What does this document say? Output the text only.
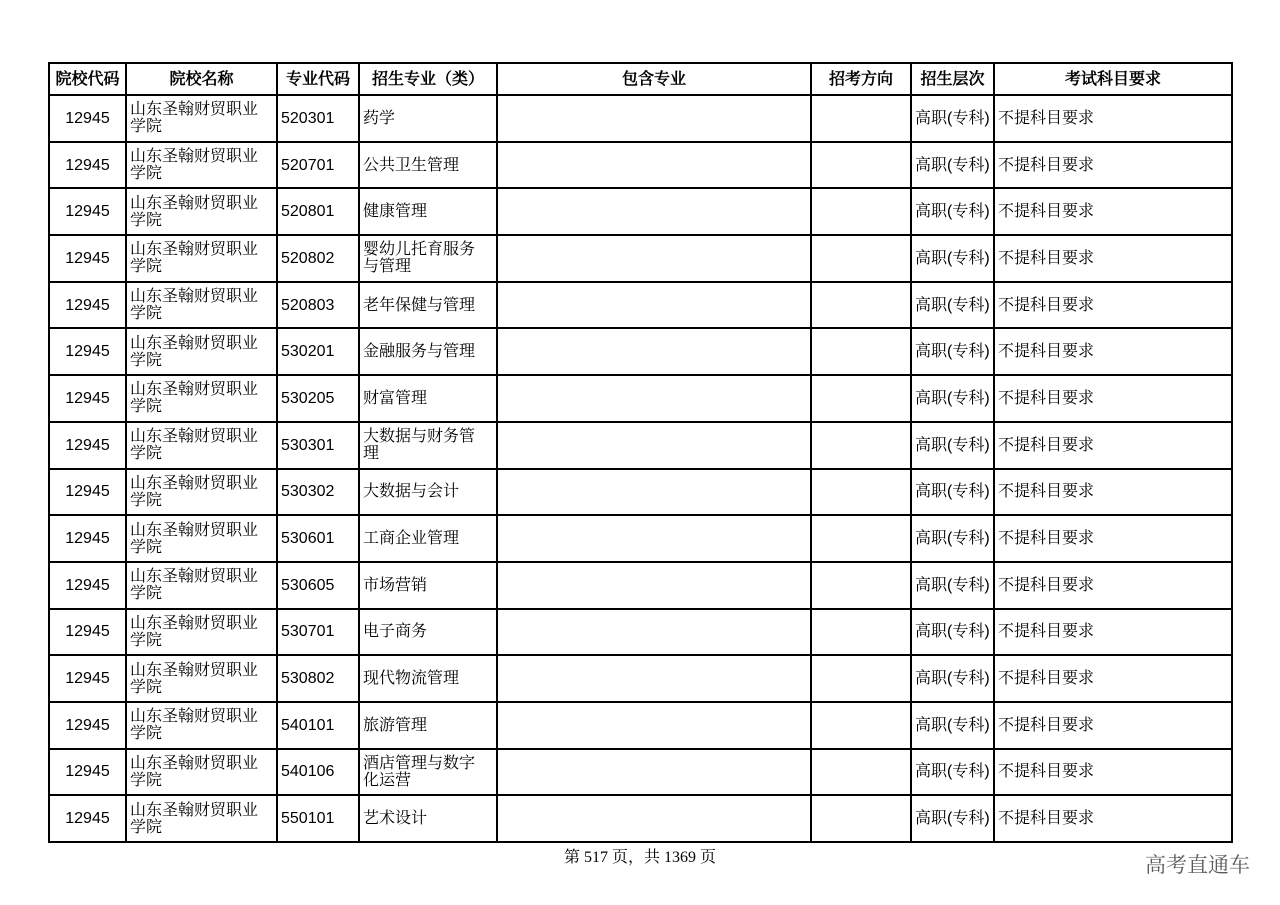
院校代码	院校名称	专业代码	招生专业（类）	包含专业	招考方向	招生层次	考试科目要求

12945	山东圣翰财贸职业学院	520301	药学			高职(专科)	不提科目要求

12945	山东圣翰财贸职业学院	520701	公共卫生管理			高职(专科)	不提科目要求

12945	山东圣翰财贸职业学院	520801	健康管理			高职(专科)	不提科目要求

12945	山东圣翰财贸职业学院	520802	婴幼儿托育服务与管理			高职(专科)	不提科目要求

12945	山东圣翰财贸职业学院	520803	老年保健与管理			高职(专科)	不提科目要求

12945	山东圣翰财贸职业学院	530201	金融服务与管理			高职(专科)	不提科目要求

12945	山东圣翰财贸职业学院	530205	财富管理			高职(专科)	不提科目要求

12945	山东圣翰财贸职业学院	530301	大数据与财务管理			高职(专科)	不提科目要求

12945	山东圣翰财贸职业学院	530302	大数据与会计			高职(专科)	不提科目要求

12945	山东圣翰财贸职业学院	530601	工商企业管理			高职(专科)	不提科目要求

12945	山东圣翰财贸职业学院	530605	市场营销			高职(专科)	不提科目要求

12945	山东圣翰财贸职业学院	530701	电子商务			高职(专科)	不提科目要求

12945	山东圣翰财贸职业学院	530802	现代物流管理			高职(专科)	不提科目要求

12945	山东圣翰财贸职业学院	540101	旅游管理			高职(专科)	不提科目要求

12945	山东圣翰财贸职业学院	540106	酒店管理与数字化运营			高职(专科)	不提科目要求

12945	山东圣翰财贸职业学院	550101	艺术设计			高职(专科)	不提科目要求
第 517 页，共 1369 页	高考直通车
